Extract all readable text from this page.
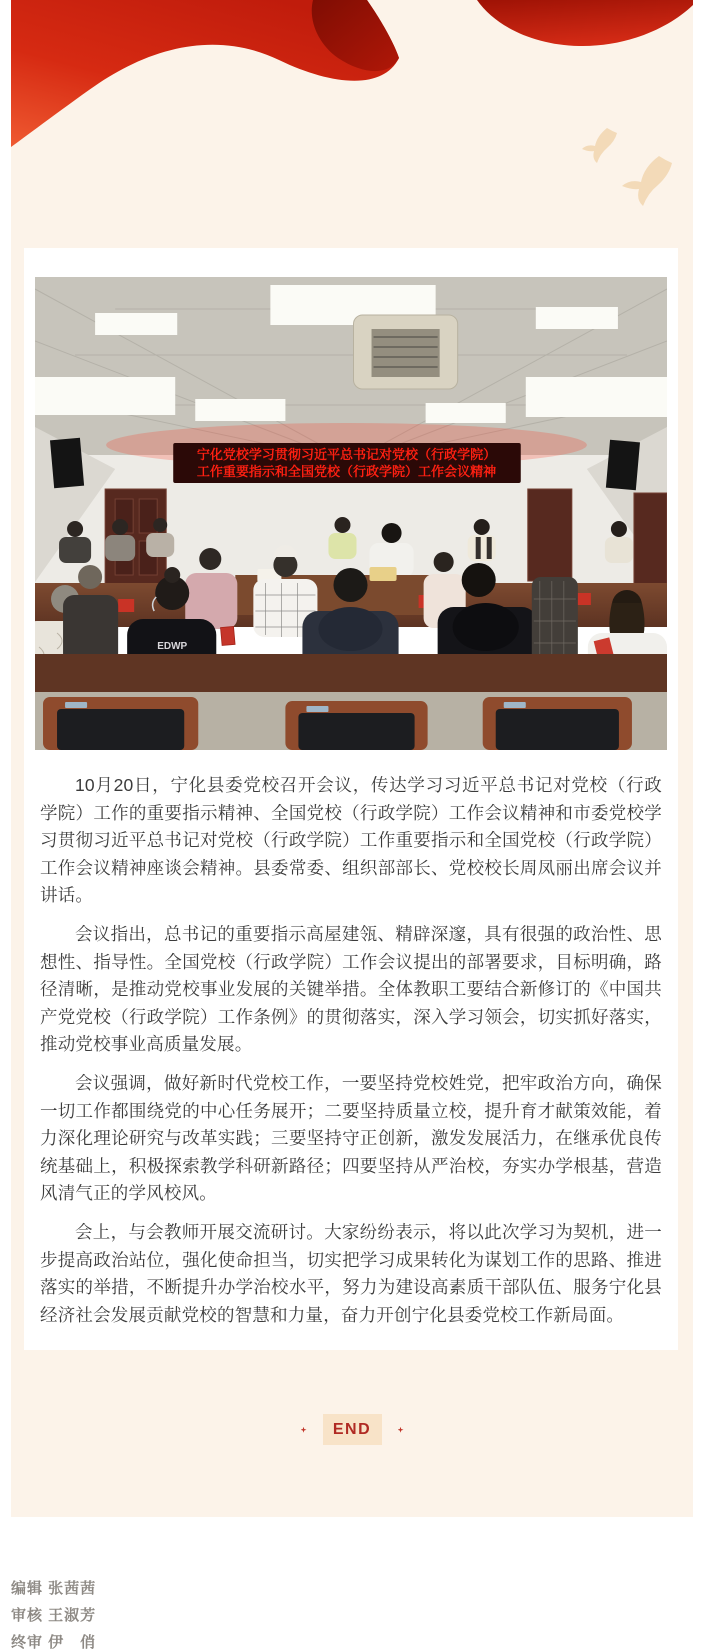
宁化党校学习贯彻习近平总书记对党校（行政学院）
工作重要指示和全国党校（行政学院）工作会议精神
EDWP

10月20日，宁化县委党校召开会议，传达学习习近平总书记对党校（行政学院）工作的重要指示精神、全国党校（行政学院）工作会议精神和市委党校学习贯彻习近平总书记对党校（行政学院）工作重要指示和全国党校（行政学院）工作会议精神座谈会精神。县委常委、组织部部长、党校校长周凤丽出席会议并讲话。

会议指出，总书记的重要指示高屋建瓴、精辟深邃，具有很强的政治性、思想性、指导性。全国党校（行政学院）工作会议提出的部署要求，目标明确，路径清晰，是推动党校事业发展的关键举措。全体教职工要结合新修订的《中国共产党党校（行政学院）工作条例》的贯彻落实，深入学习领会，切实抓好落实，推动党校事业高质量发展。

会议强调，做好新时代党校工作，一要坚持党校姓党，把牢政治方向，确保一切工作都围绕党的中心任务展开；二要坚持质量立校，提升育才献策效能，着力深化理论研究与改革实践；三要坚持守正创新，激发发展活力，在继承优良传统基础上，积极探索教学科研新路径；四要坚持从严治校，夯实办学根基，营造风清气正的学风校风。

会上，与会教师开展交流研讨。大家纷纷表示，将以此次学习为契机，进一步提高政治站位，强化使命担当，切实把学习成果转化为谋划工作的思路、推进落实的举措，不断提升办学治校水平，努力为建设高素质干部队伍、服务宁化县经济社会发展贡献党校的智慧和力量，奋力开创宁化县委党校工作新局面。

END
编辑 张茜茜
审核 王淑芳
终审 伊　俏
